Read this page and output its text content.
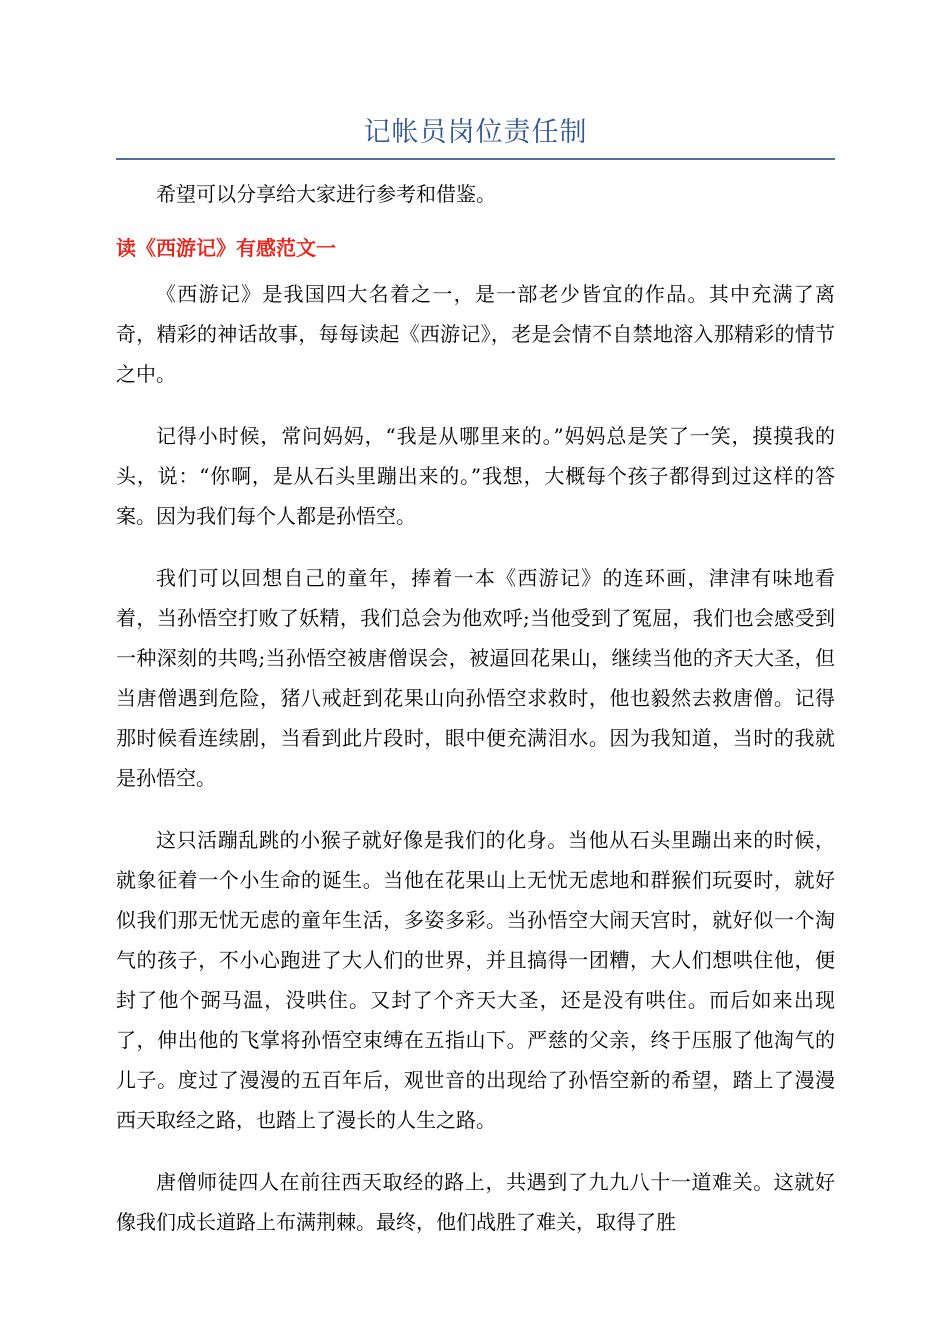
记帐员岗位责任制

希望可以分享给大家进行参考和借鉴。

读《西游记》有感范文一

《西游记》是我国四大名着之一，是一部老少皆宜的作品。其中充满了离奇，精彩的神话故事，每每读起《西游记》，老是会情不自禁地溶入那精彩的情节之中。

记得小时候，常问妈妈，“我是从哪里来的。”妈妈总是笑了一笑，摸摸我的头，说：“你啊，是从石头里蹦出来的。”我想，大概每个孩子都得到过这样的答案。因为我们每个人都是孙悟空。

我们可以回想自己的童年，捧着一本《西游记》的连环画，津津有味地看着，当孙悟空打败了妖精，我们总会为他欢呼;当他受到了冤屈，我们也会感受到一种深刻的共鸣;当孙悟空被唐僧误会，被逼回花果山，继续当他的齐天大圣，但当唐僧遇到危险，猪八戒赶到花果山向孙悟空求救时，他也毅然去救唐僧。记得那时候看连续剧，当看到此片段时，眼中便充满泪水。因为我知道，当时的我就是孙悟空。

这只活蹦乱跳的小猴子就好像是我们的化身。当他从石头里蹦出来的时候，就象征着一个小生命的诞生。当他在花果山上无忧无虑地和群猴们玩耍时，就好似我们那无忧无虑的童年生活，多姿多彩。当孙悟空大闹天宫时，就好似一个淘气的孩子，不小心跑进了大人们的世界，并且搞得一团糟，大人们想哄住他，便封了他个弼马温，没哄住。又封了个齐天大圣，还是没有哄住。而后如来出现了，伸出他的飞掌将孙悟空束缚在五指山下。严慈的父亲，终于压服了他淘气的儿子。度过了漫漫的五百年后，观世音的出现给了孙悟空新的希望，踏上了漫漫西天取经之路，也踏上了漫长的人生之路。

唐僧师徒四人在前往西天取经的路上，共遇到了九九八十一道难关。这就好像我们成长道路上布满荆棘。最终，他们战胜了难关，取得了胜
